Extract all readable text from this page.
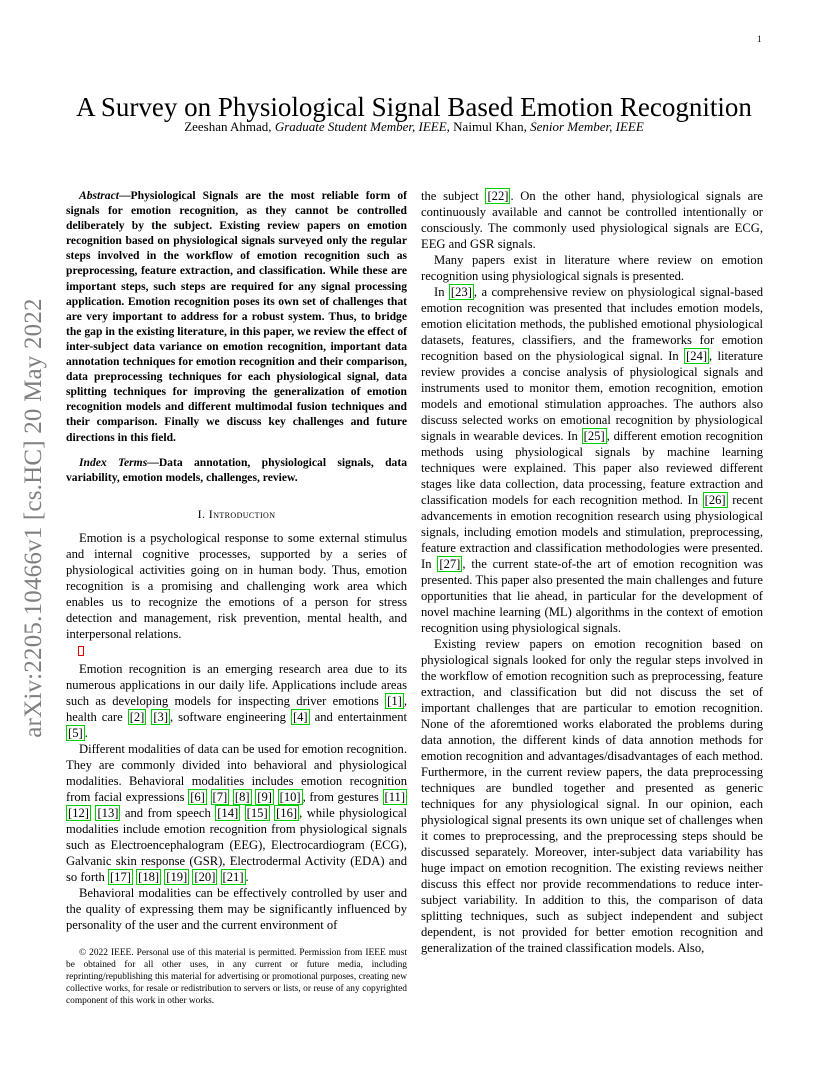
1
arXiv:2205.10466v1 [cs.HC] 20 May 2022
A Survey on Physiological Signal Based Emotion Recognition
Zeeshan Ahmad, Graduate Student Member, IEEE, Naimul Khan, Senior Member, IEEE

Abstract—Physiological Signals are the most reliable form of signals for emotion recognition, as they cannot be controlled deliberately by the subject. Existing review papers on emotion recognition based on physiological signals surveyed only the regular steps involved in the workflow of emotion recognition such as preprocessing, feature extraction, and classification. While these are important steps, such steps are required for any signal processing application. Emotion recognition poses its own set of challenges that are very important to address for a robust system. Thus, to bridge the gap in the existing literature, in this paper, we review the effect of inter-subject data variance on emotion recognition, important data annotation techniques for emotion recognition and their comparison, data preprocessing techniques for each physiological signal, data splitting techniques for improving the generalization of emotion recognition models and different multimodal fusion techniques and their comparison. Finally we discuss key challenges and future directions in this field.

Index Terms—Data annotation, physiological signals, data variability, emotion models, challenges, review.

I. Introduction

Emotion is a psychological response to some external stimulus and internal cognitive processes, supported by a series of physiological activities going on in human body. Thus, emotion recognition is a promising and challenging work area which enables us to recognize the emotions of a person for stress detection and management, risk prevention, mental health, and interpersonal relations.

Emotion recognition is an emerging research area due to its numerous applications in our daily life. Applications include areas such as developing models for inspecting driver emotions [1] , health care [2] [3] , software engineering [4] and entertainment [5] .

Different modalities of data can be used for emotion recognition. They are commonly divided into behavioral and physiological modalities. Behavioral modalities includes emotion recognition from facial expressions [6] [7] [8] [9] [10] , from gestures [11] [12] [13] and from speech [14] [15] [16] , while physiological modalities include emotion recognition from physiological signals such as Electroencephalogram (EEG), Electrocardiogram (ECG), Galvanic skin response (GSR), Electrodermal Activity (EDA) and so forth [17] [18] [19] [20] [21] .

Behavioral modalities can be effectively controlled by user and the quality of expressing them may be significantly influenced by personality of the user and the current environment of

© 2022 IEEE. Personal use of this material is permitted. Permission from IEEE must be obtained for all other uses, in any current or future media, including reprinting/republishing this material for advertising or promotional purposes, creating new collective works, for resale or redistribution to servers or lists, or reuse of any copyrighted component of this work in other works.

the subject [22] . On the other hand, physiological signals are continuously available and cannot be controlled intentionally or consciously. The commonly used physiological signals are ECG, EEG and GSR signals.

Many papers exist in literature where review on emotion recognition using physiological signals is presented.

In [23] , a comprehensive review on physiological signal-based emotion recognition was presented that includes emotion models, emotion elicitation methods, the published emotional physiological datasets, features, classifiers, and the frameworks for emotion recognition based on the physiological signal. In [24] , literature review provides a concise analysis of physiological signals and instruments used to monitor them, emotion recognition, emotion models and emotional stimulation approaches. The authors also discuss selected works on emotional recognition by physiological signals in wearable devices. In [25] , different emotion recognition methods using physiological signals by machine learning techniques were explained. This paper also reviewed different stages like data collection, data processing, feature extraction and classification models for each recognition method. In [26] recent advancements in emotion recognition research using physiological signals, including emotion models and stimulation, preprocessing, feature extraction and classification methodologies were presented. In [27] , the current state-of-the art of emotion recognition was presented. This paper also presented the main challenges and future opportunities that lie ahead, in particular for the development of novel machine learning (ML) algorithms in the context of emotion recognition using physiological signals.

Existing review papers on emotion recognition based on physiological signals looked for only the regular steps involved in the workflow of emotion recognition such as preprocessing, feature extraction, and classification but did not discuss the set of important challenges that are particular to emotion recognition. None of the aforemtioned works elaborated the problems during data annotion, the different kinds of data annotion methods for emotion recognition and advantages/disadvantages of each method. Furthermore, in the current review papers, the data preprocessing techniques are bundled together and presented as generic techniques for any physiological signal. In our opinion, each physiological signal presents its own unique set of challenges when it comes to preprocessing, and the preprocessing steps should be discussed separately. Moreover, inter-subject data variability has huge impact on emotion recognition. The existing reviews neither discuss this effect nor provide recommendations to reduce inter-subject variability. In addition to this, the comparison of data splitting techniques, such as subject independent and subject dependent, is not provided for better emotion recognition and generalization of the trained classification models. Also,
